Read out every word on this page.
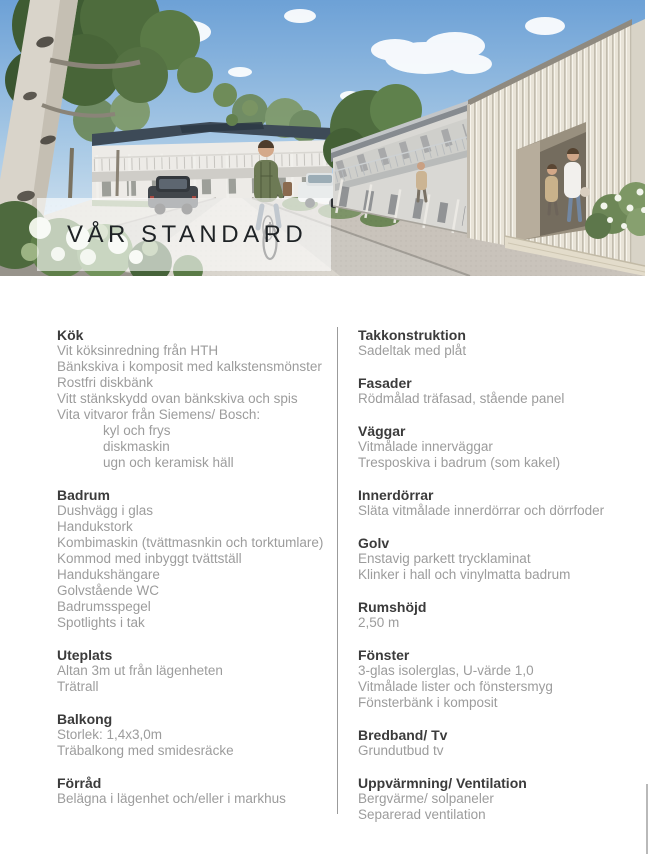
VÅR STANDARD
Kök

Vit köksinredning från HTH

Bänkskiva i komposit med kalkstensmönster

Rostfri diskbänk

Vitt stänkskydd ovan bänkskiva och spis

Vita vitvaror från Siemens/ Bosch:

kyl och frys

diskmaskin

ugn och keramisk häll

Badrum

Dushvägg i glas

Handukstork

Kombimaskin (tvättmasnkin och torktumlare)

Kommod med inbyggt tvättställ

Handukshängare

Golvstående WC

Badrumsspegel

Spotlights i tak

Uteplats

Altan 3m ut från lägenheten

Trätrall

Balkong

Storlek: 1,4x3,0m

Träbalkong med smidesräcke

Förråd

Belägna i lägenhet och/eller i markhus

Takkonstruktion

Sadeltak med plåt

Fasader

Rödmålad träfasad, stående panel

Väggar

Vitmålade innerväggar

Tresposkiva i badrum (som kakel)

Innerdörrar

Släta vitmålade innerdörrar och dörrfoder

Golv

Enstavig parkett trycklaminat

Klinker i hall och vinylmatta badrum

Rumshöjd

2,50 m

Fönster

3-glas isolerglas, U-värde 1,0

Vitmålade lister och fönstersmyg

Fönsterbänk i komposit

Bredband/ Tv

Grundutbud tv

Uppvärmning/ Ventilation

Bergvärme/ solpaneler

Separerad ventilation
